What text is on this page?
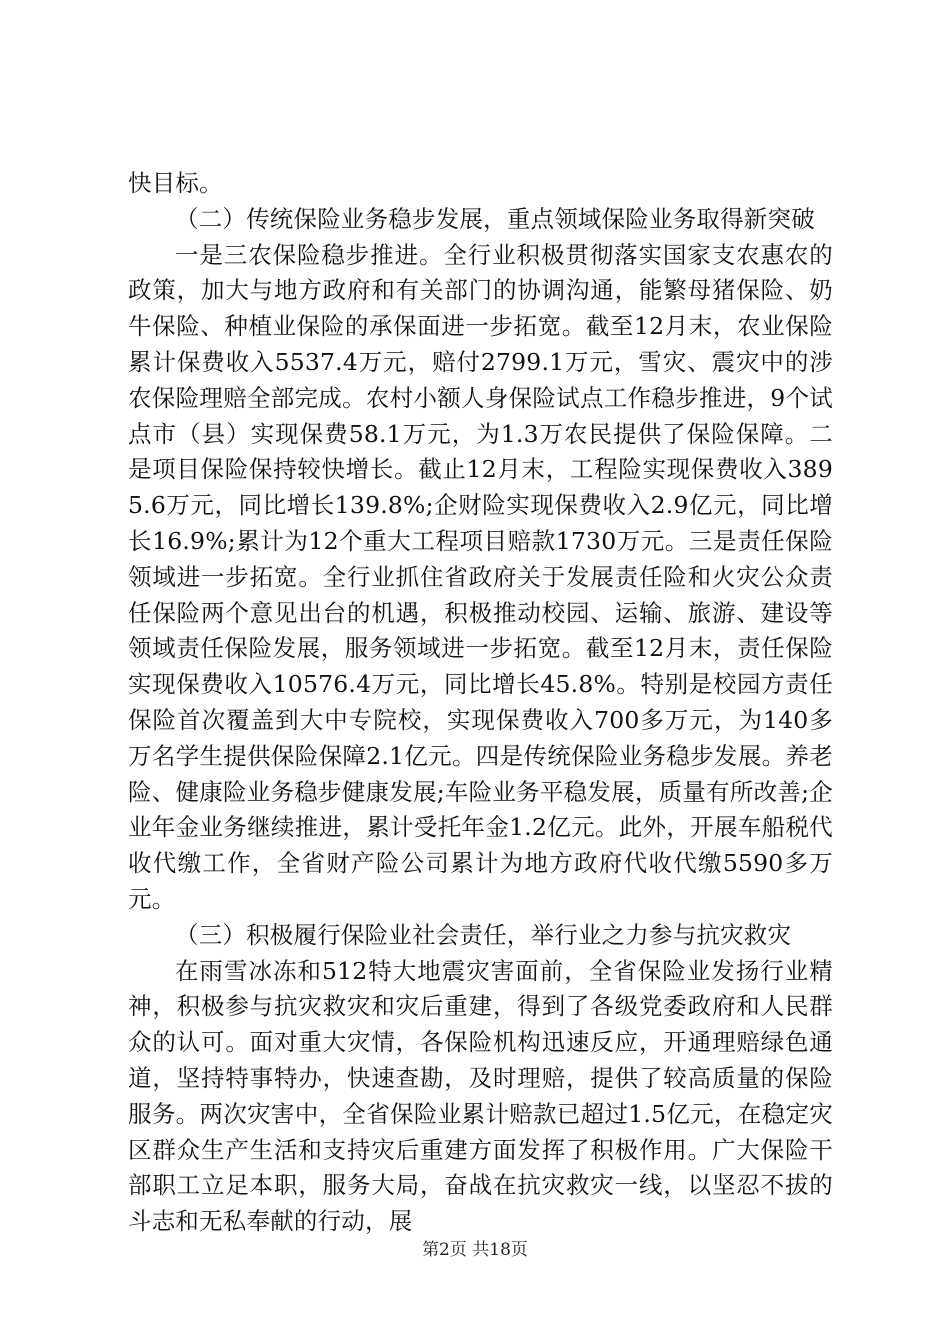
快目标。

（二）传统保险业务稳步发展，重点领域保险业务取得新突破

一是三农保险稳步推进。全行业积极贯彻落实国家支农惠农的政策，加大与地方政府和有关部门的协调沟通，能繁母猪保险、奶牛保险、种植业保险的承保面进一步拓宽。截至12月末，农业保险累计保费收入5537.4万元，赔付2799.1万元，雪灾、震灾中的涉农保险理赔全部完成。农村小额人身保险试点工作稳步推进，9个试点市（县）实现保费58.1万元，为1.3万农民提供了保险保障。二是项目保险保持较快增长。截止12月末，工程险实现保费收入3895.6万元，同比增长139.8%;企财险实现保费收入2.9亿元，同比增长16.9%;累计为12个重大工程项目赔款1730万元。三是责任保险领域进一步拓宽。全行业抓住省政府关于发展责任险和火灾公众责任保险两个意见出台的机遇，积极推动校园、运输、旅游、建设等领域责任保险发展，服务领域进一步拓宽。截至12月末，责任保险实现保费收入10576.4万元，同比增长45.8%。特别是校园方责任保险首次覆盖到大中专院校，实现保费收入700多万元，为140多万名学生提供保险保障2.1亿元。四是传统保险业务稳步发展。养老险、健康险业务稳步健康发展;车险业务平稳发展，质量有所改善;企业年金业务继续推进，累计受托年金1.2亿元。此外，开展车船税代收代缴工作，全省财产险公司累计为地方政府代收代缴5590多万元。

（三）积极履行保险业社会责任，举行业之力参与抗灾救灾

在雨雪冰冻和512特大地震灾害面前，全省保险业发扬行业精神，积极参与抗灾救灾和灾后重建，得到了各级党委政府和人民群众的认可。面对重大灾情，各保险机构迅速反应，开通理赔绿色通道，坚持特事特办，快速查勘，及时理赔，提供了较高质量的保险服务。两次灾害中，全省保险业累计赔款已超过1.5亿元，在稳定灾区群众生产生活和支持灾后重建方面发挥了积极作用。广大保险干部职工立足本职，服务大局，奋战在抗灾救灾一线，以坚忍不拔的斗志和无私奉献的行动，展

第2页 共18页
